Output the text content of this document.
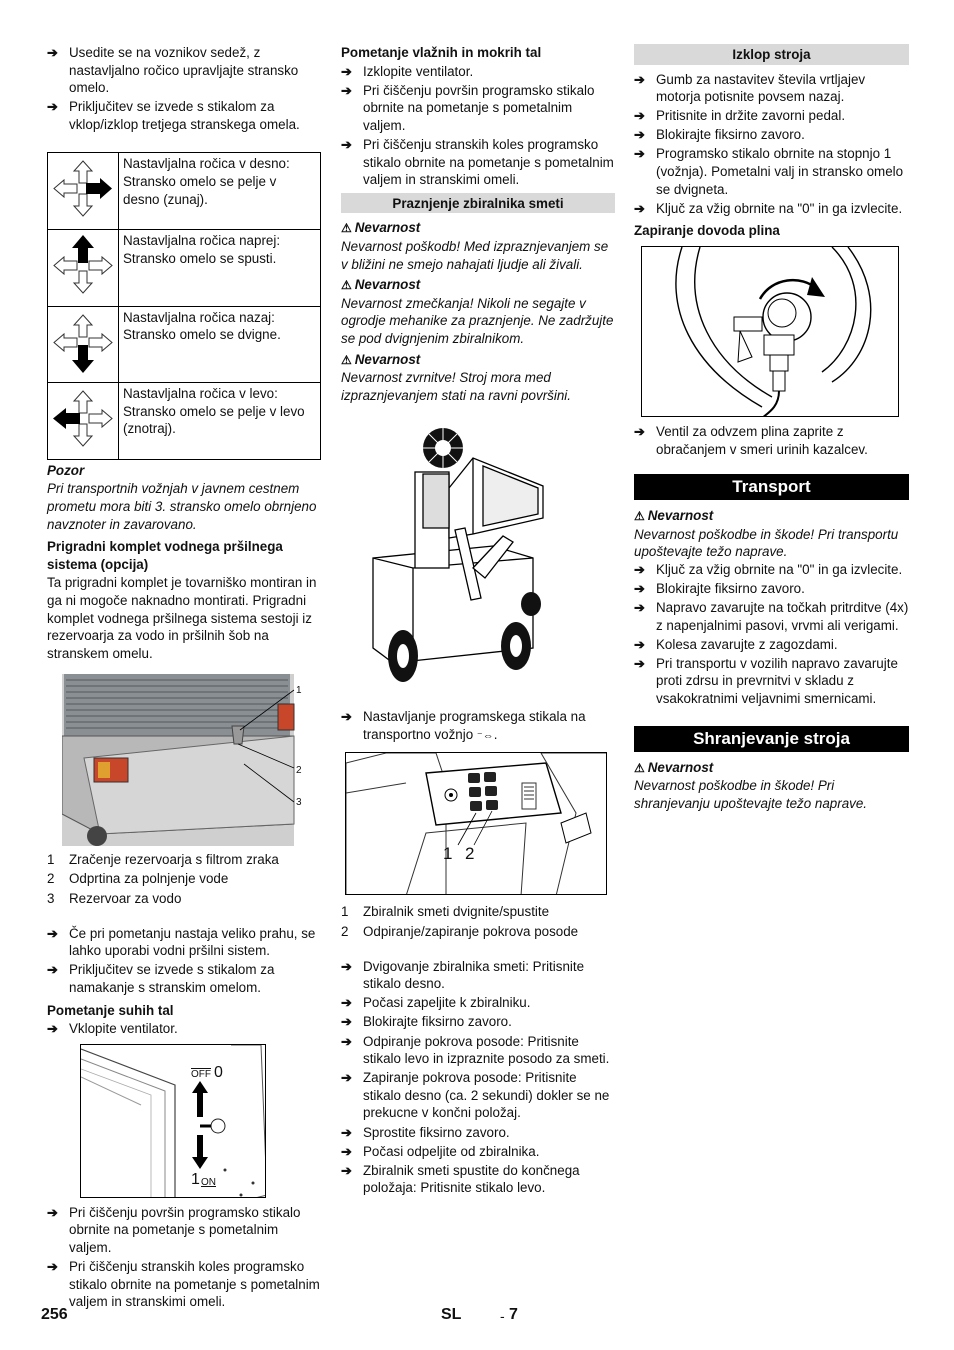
➔ Usedite se na voznikov sedež, z nastavljalno ročico upravljajte stransko omelo.
➔ Priključitev se izvede s stikalom za vklop/izklop tretjega stranskega omela.
	Nastavljalna ročica v desno: Stransko omelo se pelje v desno (zunaj).
	Nastavljalna ročica naprej: Stransko omelo se spusti.
	Nastavljalna ročica nazaj: Stransko omelo se dvigne.
	Nastavljalna ročica v levo: Stransko omelo se pelje v levo (znotraj).
Pozor
Pri transportnih vožnjah v javnem cestnem prometu mora biti 3. stransko omelo obrnjeno navznoter in zavarovano.
Prigradni komplet vodnega pršilnega sistema (opcija)
Ta prigradni komplet je tovarniško montiran in ga ni mogoče naknadno montirati. Prigradni komplet vodnega pršilnega sistema sestoji iz rezervoarja za vodo in pršilnih šob na stranskem omelu.
1
2
3
1	Zračenje rezervoarja s filtrom zraka
2	Odprtina za polnjenje vode
3	Rezervoar za vodo
➔ Če pri pometanju nastaja veliko prahu, se lahko uporabi vodni pršilni sistem.
➔ Priključitev se izvede s stikalom za namakanje s stranskim omelom.
Pometanje suhih tal
➔ Vklopite ventilator.
$\overline{OFF}$ 0
1 ON
➔ Pri čiščenju površin programsko stikalo obrnite na pometanje s pometalnim valjem.
➔ Pri čiščenju stranskih koles programsko stikalo obrnite na pometanje s pometalnim valjem in stranskimi omeli.
Pometanje vlažnih in mokrih tal
➔ Izklopite ventilator.
➔ Pri čiščenju površin programsko stikalo obrnite na pometanje s pometalnim valjem.
➔ Pri čiščenju stranskih koles programsko stikalo obrnite na pometanje s pometalnim valjem in stranskimi omeli.
Praznjenje zbiralnika smeti
⚠ Nevarnost
Nevarnost poškodb! Med izpraznjevanjem se v bližini ne smejo nahajati ljudje ali živali.
⚠ Nevarnost
Nevarnost zmečkanja! Nikoli ne segajte v ogrodje mehanike za praznjenje. Ne zadržujte se pod dvignjenim zbiralnikom.
⚠ Nevarnost
Nevarnost zvrnitve! Stroj mora med izpraznjevanjem stati na ravni površini.
➔ Nastavljanje programskega stikala na transportno vožnjo ⁻⇔.
1 2
1	Zbiralnik smeti dvignite/spustite
2	Odpiranje/zapiranje pokrova posode
➔ Dvigovanje zbiralnika smeti: Pritisnite stikalo desno.
➔ Počasi zapeljite k zbiralniku.
➔ Blokirajte fiksirno zavoro.
➔ Odpiranje pokrova posode: Pritisnite stikalo levo in izpraznite posodo za smeti.
➔ Zapiranje pokrova posode: Pritisnite stikalo desno (ca. 2 sekundi) dokler se ne prekucne v končni položaj.
➔ Sprostite fiksirno zavoro.
➔ Počasi odpeljite od zbiralnika.
➔ Zbiralnik smeti spustite do končnega položaja: Pritisnite stikalo levo.
Izklop stroja
➔ Gumb za nastavitev števila vrtljajev motorja potisnite povsem nazaj.
➔ Pritisnite in držite zavorni pedal.
➔ Blokirajte fiksirno zavoro.
➔ Programsko stikalo obrnite na stopnjo 1 (vožnja). Pometalni valj in stransko omelo se dvigneta.
➔ Ključ za vžig obrnite na "0" in ga izvlecite.
Zapiranje dovoda plina
➔ Ventil za odvzem plina zaprite z obračanjem v smeri urinih kazalcev.
Transport
⚠ Nevarnost
Nevarnost poškodbe in škode! Pri transportu upoštevajte težo naprave.
➔ Ključ za vžig obrnite na "0" in ga izvlecite.
➔ Blokirajte fiksirno zavoro.
➔ Napravo zavarujte na točkah pritrditve (4x) z napenjalnimi pasovi, vrvmi ali verigami.
➔ Kolesa zavarujte z zagozdami.
➔ Pri transportu v vozilih napravo zavarujte proti zdrsu in prevrnitvi v skladu z vsakokratnimi veljavnimi smernicami.
Shranjevanje stroja
⚠ Nevarnost
Nevarnost poškodbe in škode! Pri shranjevanju upoštevajte težo naprave.
256	SL	- 7
